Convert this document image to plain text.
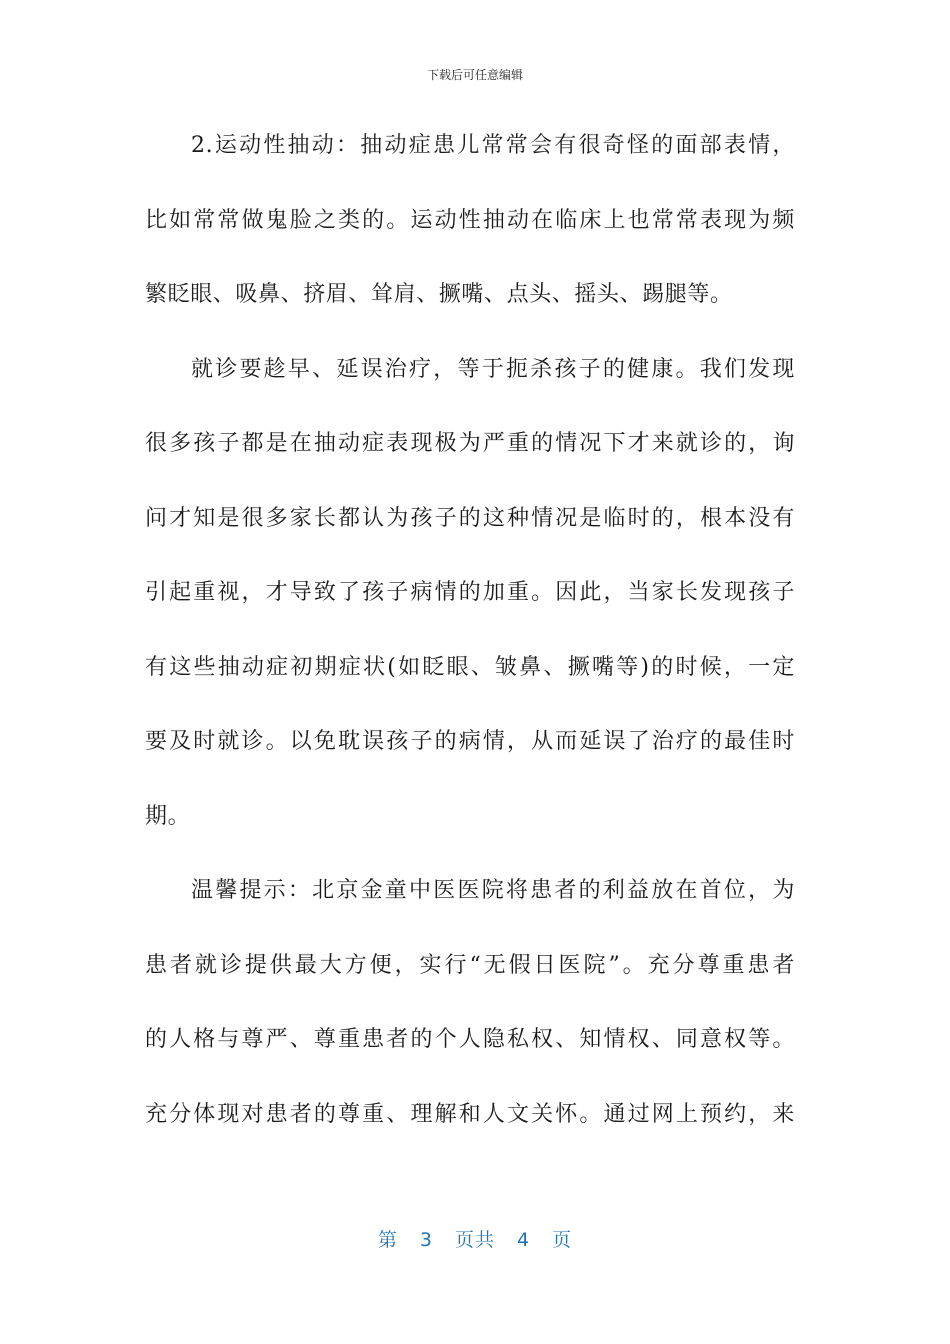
下载后可任意编辑
2.运动性抽动：抽动症患儿常常会有很奇怪的面部表情，
比如常常做鬼脸之类的。运动性抽动在临床上也常常表现为频
繁眨眼、吸鼻、挤眉、耸肩、撅嘴、点头、摇头、踢腿等。
就诊要趁早、延误治疗，等于扼杀孩子的健康。我们发现
很多孩子都是在抽动症表现极为严重的情况下才来就诊的，询
问才知是很多家长都认为孩子的这种情况是临时的，根本没有
引起重视，才导致了孩子病情的加重。因此，当家长发现孩子
有这些抽动症初期症状(如眨眼、皱鼻、撅嘴等)的时候，一定
要及时就诊。以免耽误孩子的病情，从而延误了治疗的最佳时
期。
温馨提示：北京金童中医医院将患者的利益放在首位，为
患者就诊提供最大方便，实行“无假日医院”。充分尊重患者
的人格与尊严、尊重患者的个人隐私权、知情权、同意权等。
充分体现对患者的尊重、理解和人文关怀。通过网上预约，来
第 3 页共 4 页
